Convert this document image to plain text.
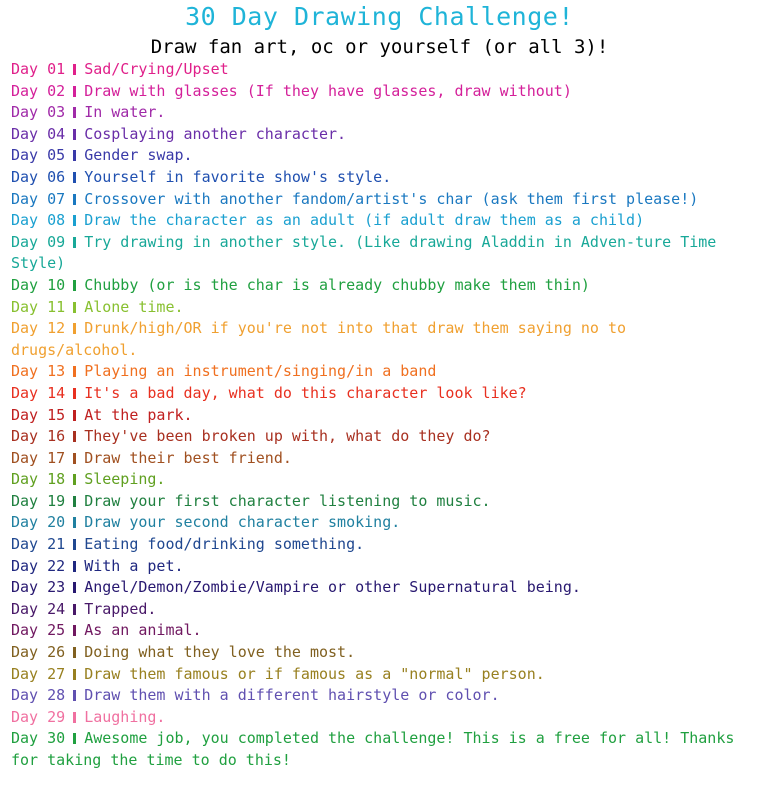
30 Day Drawing Challenge!
Draw fan art, oc or yourself (or all 3)!
Day 01 Sad/Crying/Upset
Day 02 Draw with glasses (If they have glasses, draw without)
Day 03 In water.
Day 04 Cosplaying another character.
Day 05 Gender swap.
Day 06 Yourself in favorite show's style.
Day 07 Crossover with another fandom/artist's char (ask them first please!)
Day 08 Draw the character as an adult (if adult draw them as a child)
Day 09 Try drawing in another style. (Like drawing Aladdin in Adven-ture Time Style)
Day 10 Chubby (or is the char is already chubby make them thin)
Day 11 Alone time.
Day 12 Drunk/high/OR if you're not into that draw them saying no to drugs/alcohol.
Day 13 Playing an instrument/singing/in a band
Day 14 It's a bad day, what do this character look like?
Day 15 At the park.
Day 16 They've been broken up with, what do they do?
Day 17 Draw their best friend.
Day 18 Sleeping.
Day 19 Draw your first character listening to music.
Day 20 Draw your second character smoking.
Day 21 Eating food/drinking something.
Day 22 With a pet.
Day 23 Angel/Demon/Zombie/Vampire or other Supernatural being.
Day 24 Trapped.
Day 25 As an animal.
Day 26 Doing what they love the most.
Day 27 Draw them famous or if famous as a "normal" person.
Day 28 Draw them with a different hairstyle or color.
Day 29 Laughing.
Day 30 Awesome job, you completed the challenge! This is a free for all! Thanks for taking the time to do this!
